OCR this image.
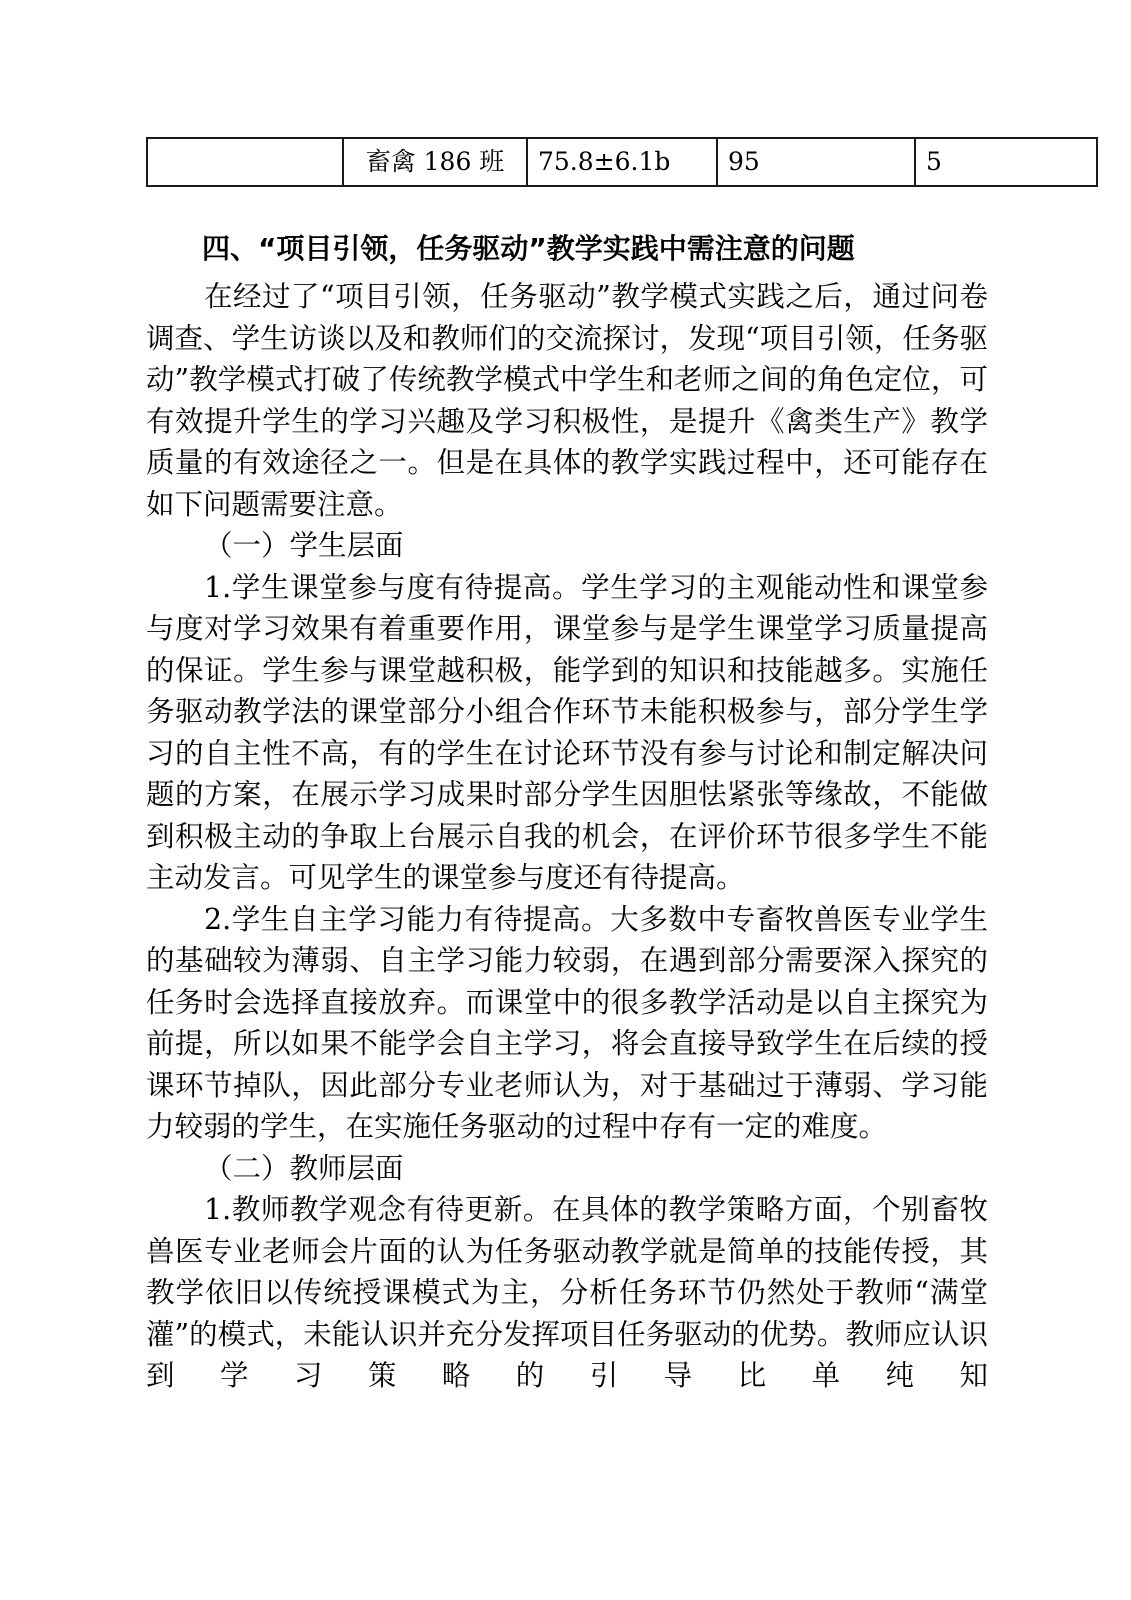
	畜禽 186 班	75.8±6.1b	95	5
四、“项目引领，任务驱动”教学实践中需注意的问题

在经过了“项目引领，任务驱动”教学模式实践之后，通过问卷调查、学生访谈以及和教师们的交流探讨，发现“项目引领，任务驱动”教学模式打破了传统教学模式中学生和老师之间的角色定位，可有效提升学生的学习兴趣及学习积极性，是提升《禽类生产》教学质量的有效途径之一。但是在具体的教学实践过程中，还可能存在如下问题需要注意。

（一）学生层面

1.学生课堂参与度有待提高。学生学习的主观能动性和课堂参与度对学习效果有着重要作用，课堂参与是学生课堂学习质量提高的保证。学生参与课堂越积极，能学到的知识和技能越多。实施任务驱动教学法的课堂部分小组合作环节未能积极参与，部分学生学习的自主性不高，有的学生在讨论环节没有参与讨论和制定解决问题的方案，在展示学习成果时部分学生因胆怯紧张等缘故，不能做到积极主动的争取上台展示自我的机会，在评价环节很多学生不能主动发言。可见学生的课堂参与度还有待提高。

2.学生自主学习能力有待提高。大多数中专畜牧兽医专业学生的基础较为薄弱、自主学习能力较弱，在遇到部分需要深入探究的任务时会选择直接放弃。而课堂中的很多教学活动是以自主探究为前提，所以如果不能学会自主学习，将会直接导致学生在后续的授课环节掉队，因此部分专业老师认为，对于基础过于薄弱、学习能力较弱的学生，在实施任务驱动的过程中存有一定的难度。

（二）教师层面

1.教师教学观念有待更新。在具体的教学策略方面，个别畜牧兽医专业老师会片面的认为任务驱动教学就是简单的技能传授，其教学依旧以传统授课模式为主，分析任务环节仍然处于教师“满堂灌”的模式，未能认识并充分发挥项目任务驱动的优势。教师应认识到学习策略的引导比单纯知
